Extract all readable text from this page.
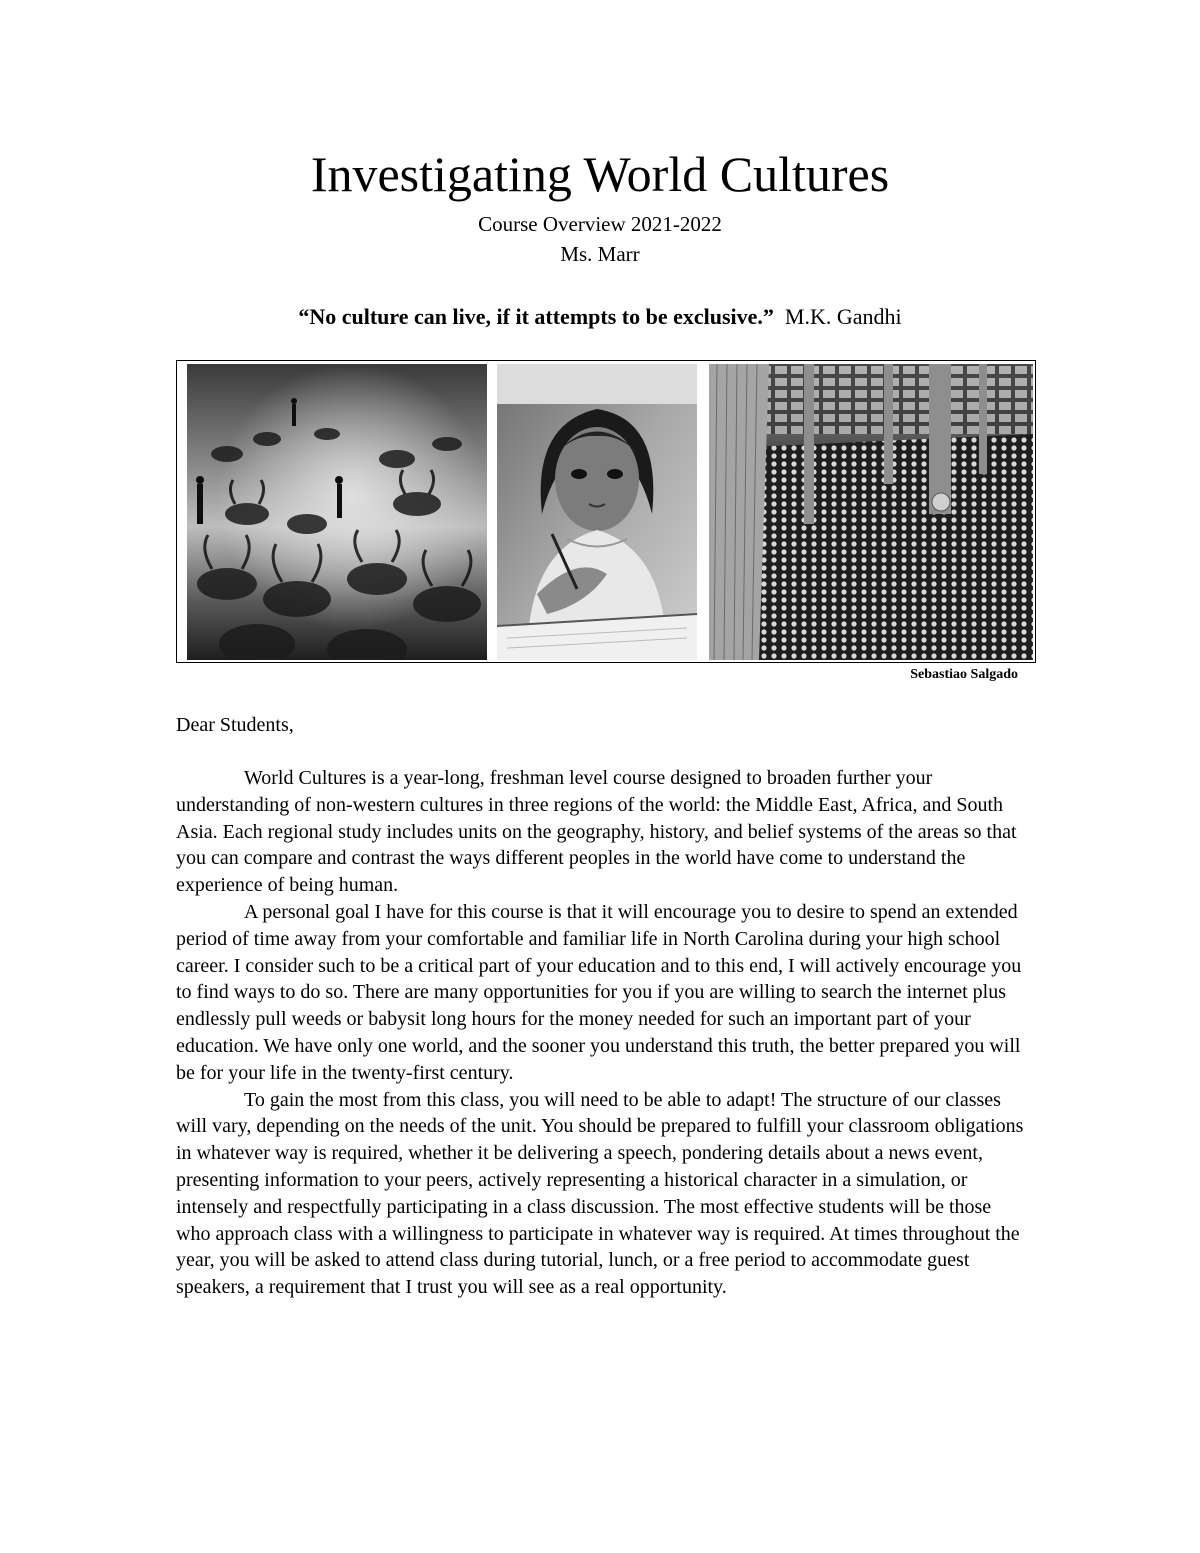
Investigating World Cultures
Course Overview 2021-2022
Ms. Marr
“No culture can live, if it attempts to be exclusive.” M.K. Gandhi
Sebastiao Salgado
Dear Students,

World Cultures is a year-long, freshman level course designed to broaden further your understanding of non-western cultures in three regions of the world: the Middle East, Africa, and South Asia. Each regional study includes units on the geography, history, and belief systems of the areas so that you can compare and contrast the ways different peoples in the world have come to understand the experience of being human.

A personal goal I have for this course is that it will encourage you to desire to spend an extended period of time away from your comfortable and familiar life in North Carolina during your high school career. I consider such to be a critical part of your education and to this end, I will actively encourage you to find ways to do so. There are many opportunities for you if you are willing to search the internet plus endlessly pull weeds or babysit long hours for the money needed for such an important part of your education. We have only one world, and the sooner you understand this truth, the better prepared you will be for your life in the twenty-first century.

To gain the most from this class, you will need to be able to adapt! The structure of our classes will vary, depending on the needs of the unit. You should be prepared to fulfill your classroom obligations in whatever way is required, whether it be delivering a speech, pondering details about a news event, presenting information to your peers, actively representing a historical character in a simulation, or intensely and respectfully participating in a class discussion. The most effective students will be those who approach class with a willingness to participate in whatever way is required. At times throughout the year, you will be asked to attend class during tutorial, lunch, or a free period to accommodate guest speakers, a requirement that I trust you will see as a real opportunity.
